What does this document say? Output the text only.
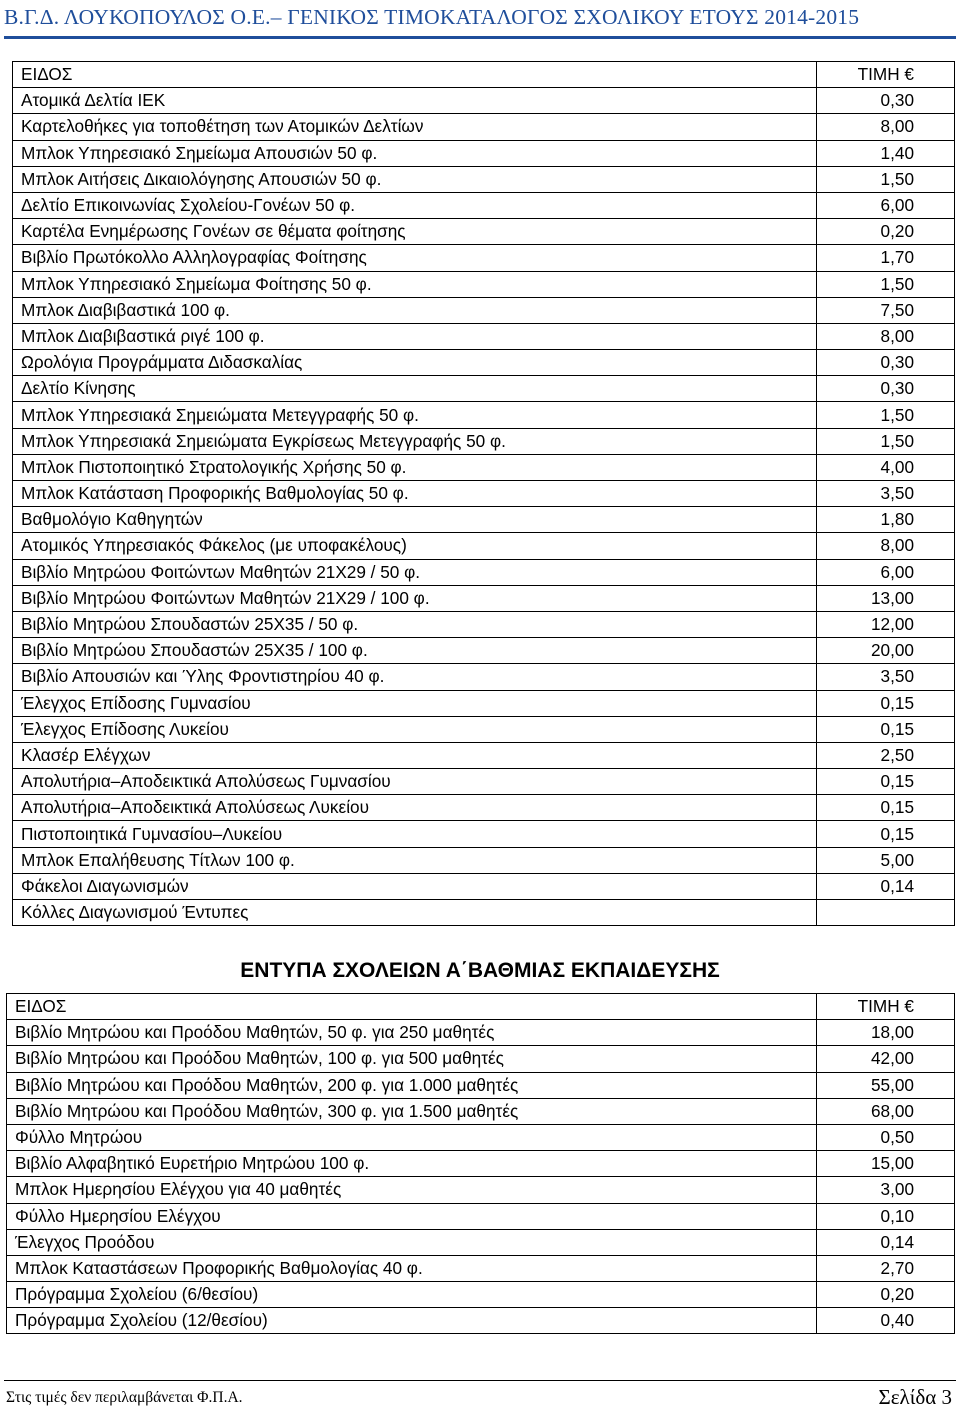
Β.Γ.Δ. ΛΟΥΚΟΠΟΥΛΟΣ Ο.Ε.– ΓΕΝΙΚΟΣ ΤΙΜΟΚΑΤΑΛΟΓΟΣ ΣΧΟΛΙΚΟΥ ΕΤΟΥΣ 2014-2015
ΕΙΔΟΣ	ΤΙΜΗ €
Ατομικά Δελτία ΙΕΚ	0,30
Καρτελοθήκες για τοποθέτηση των Ατομικών Δελτίων	8,00
Μπλοκ Υπηρεσιακό Σημείωμα Απουσιών 50 φ.	1,40
Μπλοκ Αιτήσεις Δικαιολόγησης Απουσιών 50 φ.	1,50
Δελτίο Επικοινωνίας Σχολείου-Γονέων 50 φ.	6,00
Καρτέλα Ενημέρωσης Γονέων σε θέματα φοίτησης	0,20
Βιβλίο Πρωτόκολλο Αλληλογραφίας Φοίτησης	1,70
Μπλοκ Υπηρεσιακό Σημείωμα Φοίτησης 50 φ.	1,50
Μπλοκ Διαβιβαστικά 100 φ.	7,50
Μπλοκ Διαβιβαστικά ριγέ 100 φ.	8,00
Ωρολόγια Προγράμματα Διδασκαλίας	0,30
Δελτίο Κίνησης	0,30
Μπλοκ Υπηρεσιακά Σημειώματα Μετεγγραφής 50 φ.	1,50
Μπλοκ Υπηρεσιακά Σημειώματα Εγκρίσεως Μετεγγραφής 50 φ.	1,50
Μπλοκ Πιστοποιητικό Στρατολογικής Χρήσης 50 φ.	4,00
Μπλοκ Κατάσταση Προφορικής Βαθμολογίας 50 φ.	3,50
Βαθμολόγιο Καθηγητών	1,80
Ατομικός Υπηρεσιακός Φάκελος (με υποφακέλους)	8,00
Βιβλίο Μητρώου Φοιτώντων Μαθητών 21Χ29 / 50 φ.	6,00
Βιβλίο Μητρώου Φοιτώντων Μαθητών 21Χ29 / 100 φ.	13,00
Βιβλίο Μητρώου Σπουδαστών 25Χ35 / 50 φ.	12,00
Βιβλίο Μητρώου Σπουδαστών 25Χ35 / 100 φ.	20,00
Βιβλίο Απουσιών και Ύλης Φροντιστηρίου 40 φ.	3,50
Έλεγχος Επίδοσης Γυμνασίου	0,15
Έλεγχος Επίδοσης Λυκείου	0,15
Κλασέρ Ελέγχων	2,50
Απολυτήρια–Αποδεικτικά Απολύσεως Γυμνασίου	0,15
Απολυτήρια–Αποδεικτικά Απολύσεως Λυκείου	0,15
Πιστοποιητικά Γυμνασίου–Λυκείου	0,15
Μπλοκ Επαλήθευσης Τίτλων 100 φ.	5,00
Φάκελοι Διαγωνισμών	0,14
Κόλλες Διαγωνισμού Έντυπες	
ΕΝΤΥΠΑ ΣΧΟΛΕΙΩΝ Α΄ΒΑΘΜΙΑΣ ΕΚΠΑΙΔΕΥΣΗΣ
ΕΙΔΟΣ	ΤΙΜΗ €
Βιβλίο Μητρώου και Προόδου Μαθητών, 50 φ. για 250 μαθητές	18,00
Βιβλίο Μητρώου και Προόδου Μαθητών, 100 φ. για 500 μαθητές	42,00
Βιβλίο Μητρώου και Προόδου Μαθητών, 200 φ. για 1.000 μαθητές	55,00
Βιβλίο Μητρώου και Προόδου Μαθητών, 300 φ. για 1.500 μαθητές	68,00
Φύλλο Μητρώου	0,50
Βιβλίο Αλφαβητικό Ευρετήριο Μητρώου 100 φ.	15,00
Μπλοκ Ημερησίου Ελέγχου για 40 μαθητές	3,00
Φύλλο Ημερησίου Ελέγχου	0,10
Έλεγχος Προόδου	0,14
Μπλοκ Καταστάσεων Προφορικής Βαθμολογίας 40 φ.	2,70
Πρόγραμμα Σχολείου (6/θεσίου)	0,20
Πρόγραμμα Σχολείου (12/θεσίου)	0,40
Στις τιμές δεν περιλαμβάνεται Φ.Π.Α.	Σελίδα 3
